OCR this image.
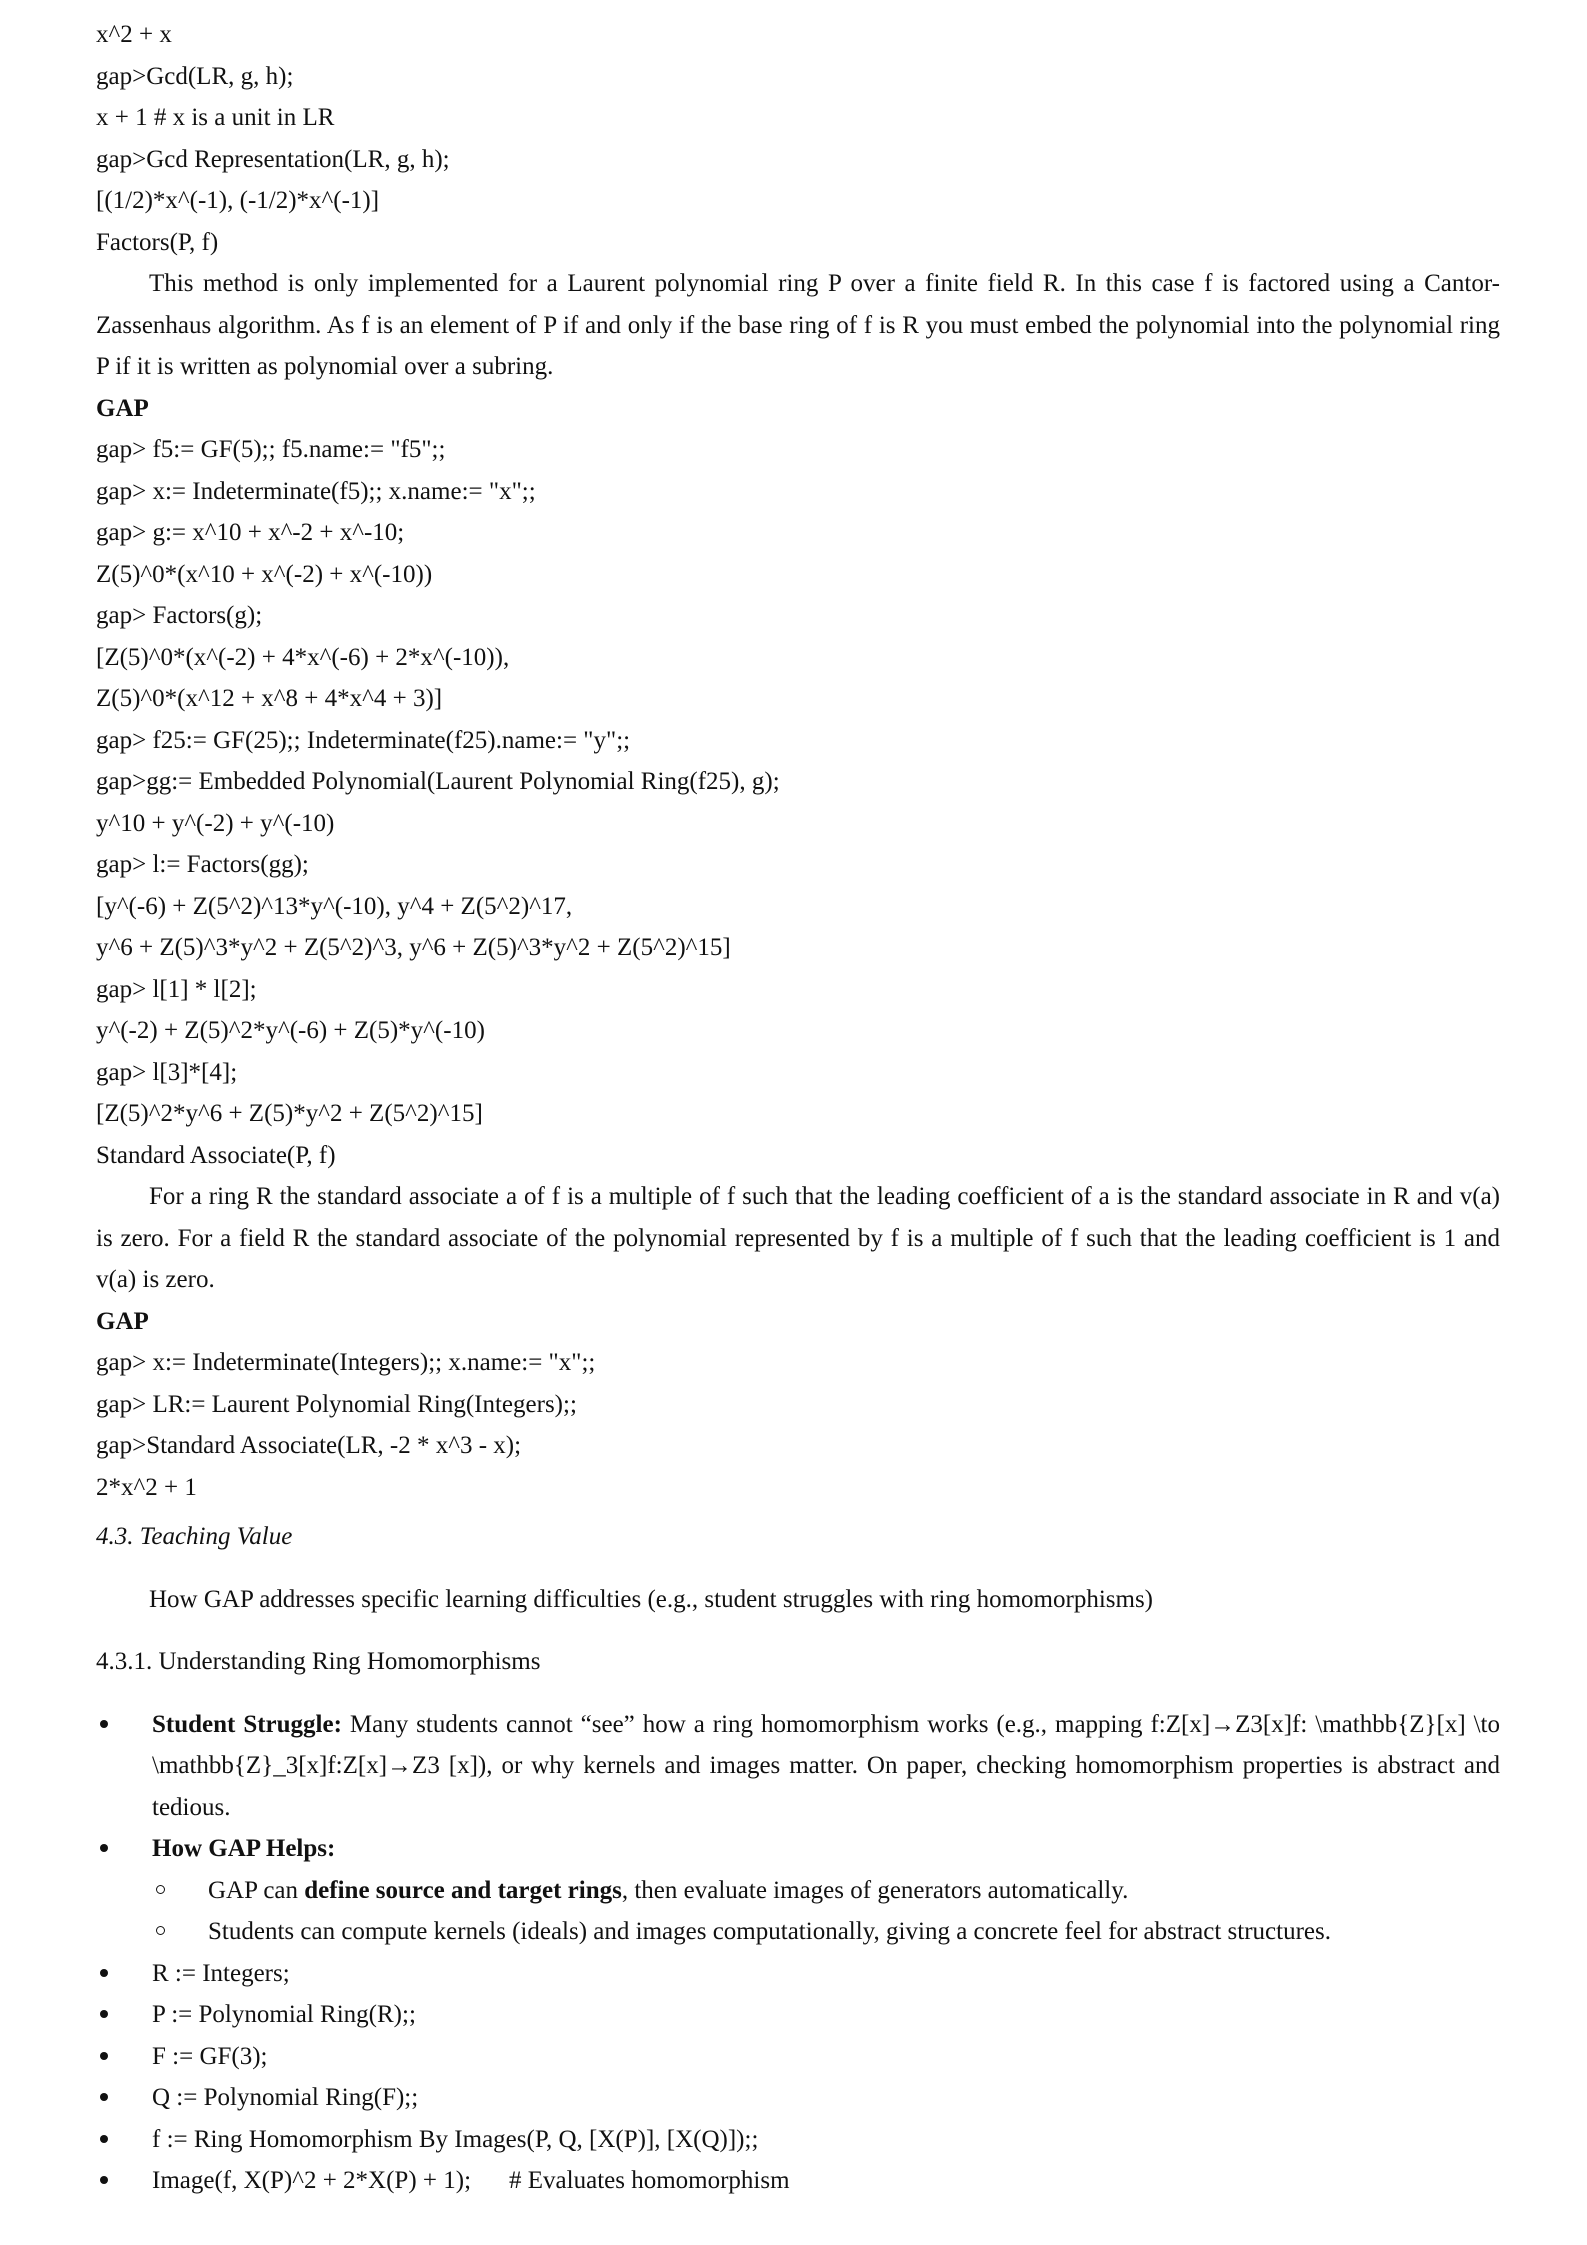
x^2 + x
gap>Gcd(LR, g, h);
x + 1 # x is a unit in LR
gap>Gcd Representation(LR, g, h);
[(1/2)*x^(-1), (-1/2)*x^(-1)]
Factors(P, f)

This method is only implemented for a Laurent polynomial ring P over a finite field R. In this case f is factored using a Cantor-Zassenhaus algorithm. As f is an element of P if and only if the base ring of f is R you must embed the polynomial into the polynomial ring P if it is written as polynomial over a subring.

GAP
gap> f5:= GF(5);; f5.name:= "f5";;
gap> x:= Indeterminate(f5);; x.name:= "x";;
gap> g:= x^10 + x^-2 + x^-10;
Z(5)^0*(x^10 + x^(-2) + x^(-10))
gap> Factors(g);
[Z(5)^0*(x^(-2) + 4*x^(-6) + 2*x^(-10)),
Z(5)^0*(x^12 + x^8 + 4*x^4 + 3)]
gap> f25:= GF(25);; Indeterminate(f25).name:= "y";;
gap>gg:= Embedded Polynomial(Laurent Polynomial Ring(f25), g);
y^10 + y^(-2) + y^(-10)
gap> l:= Factors(gg);
[y^(-6) + Z(5^2)^13*y^(-10), y^4 + Z(5^2)^17,
y^6 + Z(5)^3*y^2 + Z(5^2)^3, y^6 + Z(5)^3*y^2 + Z(5^2)^15]
gap> l[1] * l[2];
y^(-2) + Z(5)^2*y^(-6) + Z(5)*y^(-10)
gap> l[3]*[4];
[Z(5)^2*y^6 + Z(5)*y^2 + Z(5^2)^15]
Standard Associate(P, f)

For a ring R the standard associate a of f is a multiple of f such that the leading coefficient of a is the standard associate in R and v(a) is zero. For a field R the standard associate of the polynomial represented by f is a multiple of f such that the leading coefficient is 1 and v(a) is zero.

GAP
gap> x:= Indeterminate(Integers);; x.name:= "x";;
gap> LR:= Laurent Polynomial Ring(Integers);;
gap>Standard Associate(LR, -2 * x^3 - x);
2*x^2 + 1
4.3. Teaching Value
How GAP addresses specific learning difficulties (e.g., student struggles with ring homomorphisms)
4.3.1. Understanding Ring Homomorphisms
Student Struggle: Many students cannot “see” how a ring homomorphism works (e.g., mapping f:Z[x]→Z3[x]f: \mathbb{Z}[x] \to \mathbb{Z}_3[x]f:Z[x]→Z3 [x]), or why kernels and images matter. On paper, checking homomorphism properties is abstract and tedious.
How GAP Helps:
GAP can define source and target rings, then evaluate images of generators automatically.
Students can compute kernels (ideals) and images computationally, giving a concrete feel for abstract structures.
R := Integers;
P := Polynomial Ring(R);;
F := GF(3);
Q := Polynomial Ring(F);;
f := Ring Homomorphism By Images(P, Q, [X(P)], [X(Q)]);;
Image(f, X(P)^2 + 2*X(P) + 1); # Evaluates homomorphism
